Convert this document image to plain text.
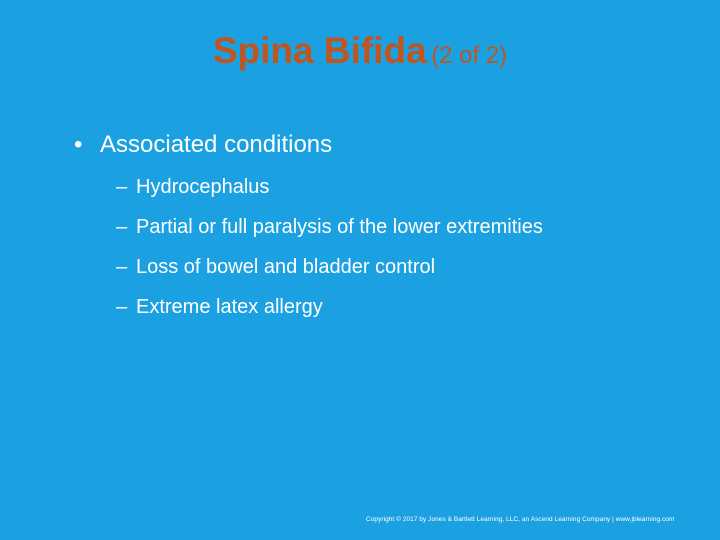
Spina Bifida (2 of 2)
• Associated conditions
– Hydrocephalus
– Partial or full paralysis of the lower extremities
– Loss of bowel and bladder control
– Extreme latex allergy
Copyright © 2017 by Jones & Bartlett Learning, LLC, an Ascend Learning Company | www.jblearning.com
